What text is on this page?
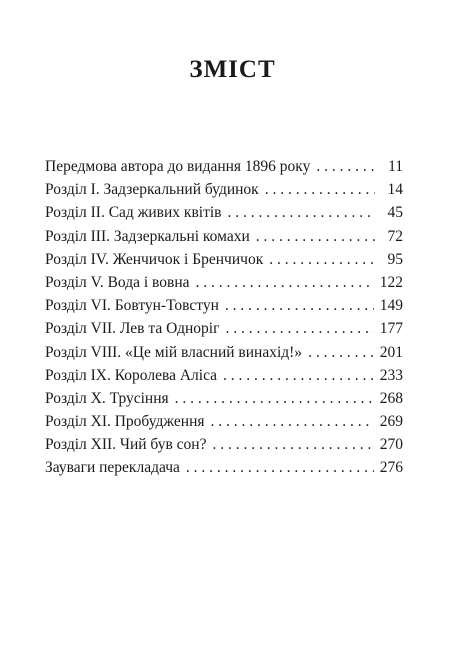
ЗМІСТ
Передмова автора до видання 1896 року . . .	11
Розділ І. Задзеркальний будинок . . .	14
Розділ ІІ. Сад живих квітів . . .	45
Розділ ІІІ. Задзеркальні комахи . . .	72
Розділ IV. Женчичок і Бренчичок . . .	95
Розділ V. Вода і вовна . . .	122
Розділ VI. Бовтун-Товстун . . .	149
Розділ VII. Лев та Одноріг . . .	177
Розділ VIII. «Це мій власний винахід!» . . .	201
Розділ ІХ. Королева Аліса . . .	233
Розділ Х. Трусіння . . .	268
Розділ ХІ. Пробудження . . .	269
Розділ ХІІ. Чий був сон? . . .	270
Зауваги перекладача . . .	276
